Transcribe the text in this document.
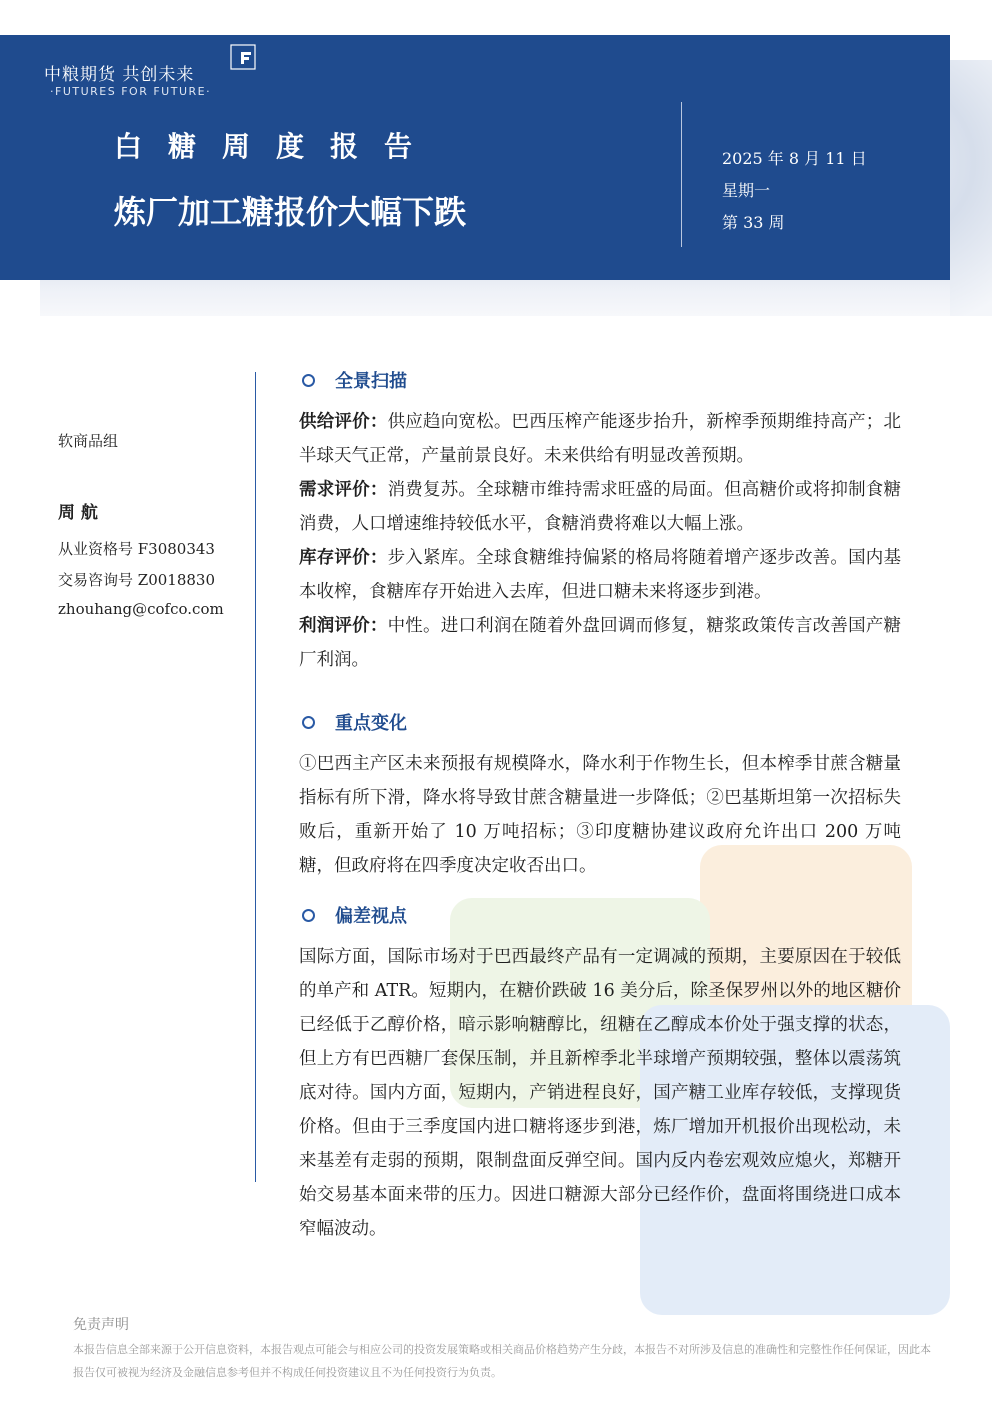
中粮期货 共创未来
·FUTURES FOR FUTURE·
白糖周度报告
炼厂加工糖报价大幅下跌
2025 年 8 月 11 日
星期一
第 33 周
软商品组
周 航
从业资格号 F3080343
交易咨询号 Z0018830
zhouhang@cofco.com
全景扫描
供给评价：供应趋向宽松。巴西压榨产能逐步抬升，新榨季预期维持高产；北半球天气正常，产量前景良好。未来供给有明显改善预期。
需求评价：消费复苏。全球糖市维持需求旺盛的局面。但高糖价或将抑制食糖消费，人口增速维持较低水平，食糖消费将难以大幅上涨。
库存评价：步入紧库。全球食糖维持偏紧的格局将随着增产逐步改善。国内基本收榨，食糖库存开始进入去库，但进口糖未来将逐步到港。
利润评价：中性。进口利润在随着外盘回调而修复，糖浆政策传言改善国产糖厂利润。
重点变化
①巴西主产区未来预报有规模降水，降水利于作物生长，但本榨季甘蔗含糖量指标有所下滑，降水将导致甘蔗含糖量进一步降低；②巴基斯坦第一次招标失败后，重新开始了 10 万吨招标；③印度糖协建议政府允许出口 200 万吨糖，但政府将在四季度决定收否出口。
偏差视点
国际方面，国际市场对于巴西最终产品有一定调减的预期，主要原因在于较低的单产和 ATR。短期内，在糖价跌破 16 美分后，除圣保罗州以外的地区糖价已经低于乙醇价格，暗示影响糖醇比，纽糖在乙醇成本价处于强支撑的状态，但上方有巴西糖厂套保压制，并且新榨季北半球增产预期较强，整体以震荡筑底对待。国内方面，短期内，产销进程良好，国产糖工业库存较低，支撑现货价格。但由于三季度国内进口糖将逐步到港，炼厂增加开机报价出现松动，未来基差有走弱的预期，限制盘面反弹空间。国内反内卷宏观效应熄火，郑糖开始交易基本面来带的压力。因进口糖源大部分已经作价，盘面将围绕进口成本窄幅波动。
免责声明
本报告信息全部来源于公开信息资料，本报告观点可能会与相应公司的投资发展策略或相关商品价格趋势产生分歧，本报告不对所涉及信息的准确性和完整性作任何保证，因此本报告仅可被视为经济及金融信息参考但并不构成任何投资建议且不为任何投资行为负责。
